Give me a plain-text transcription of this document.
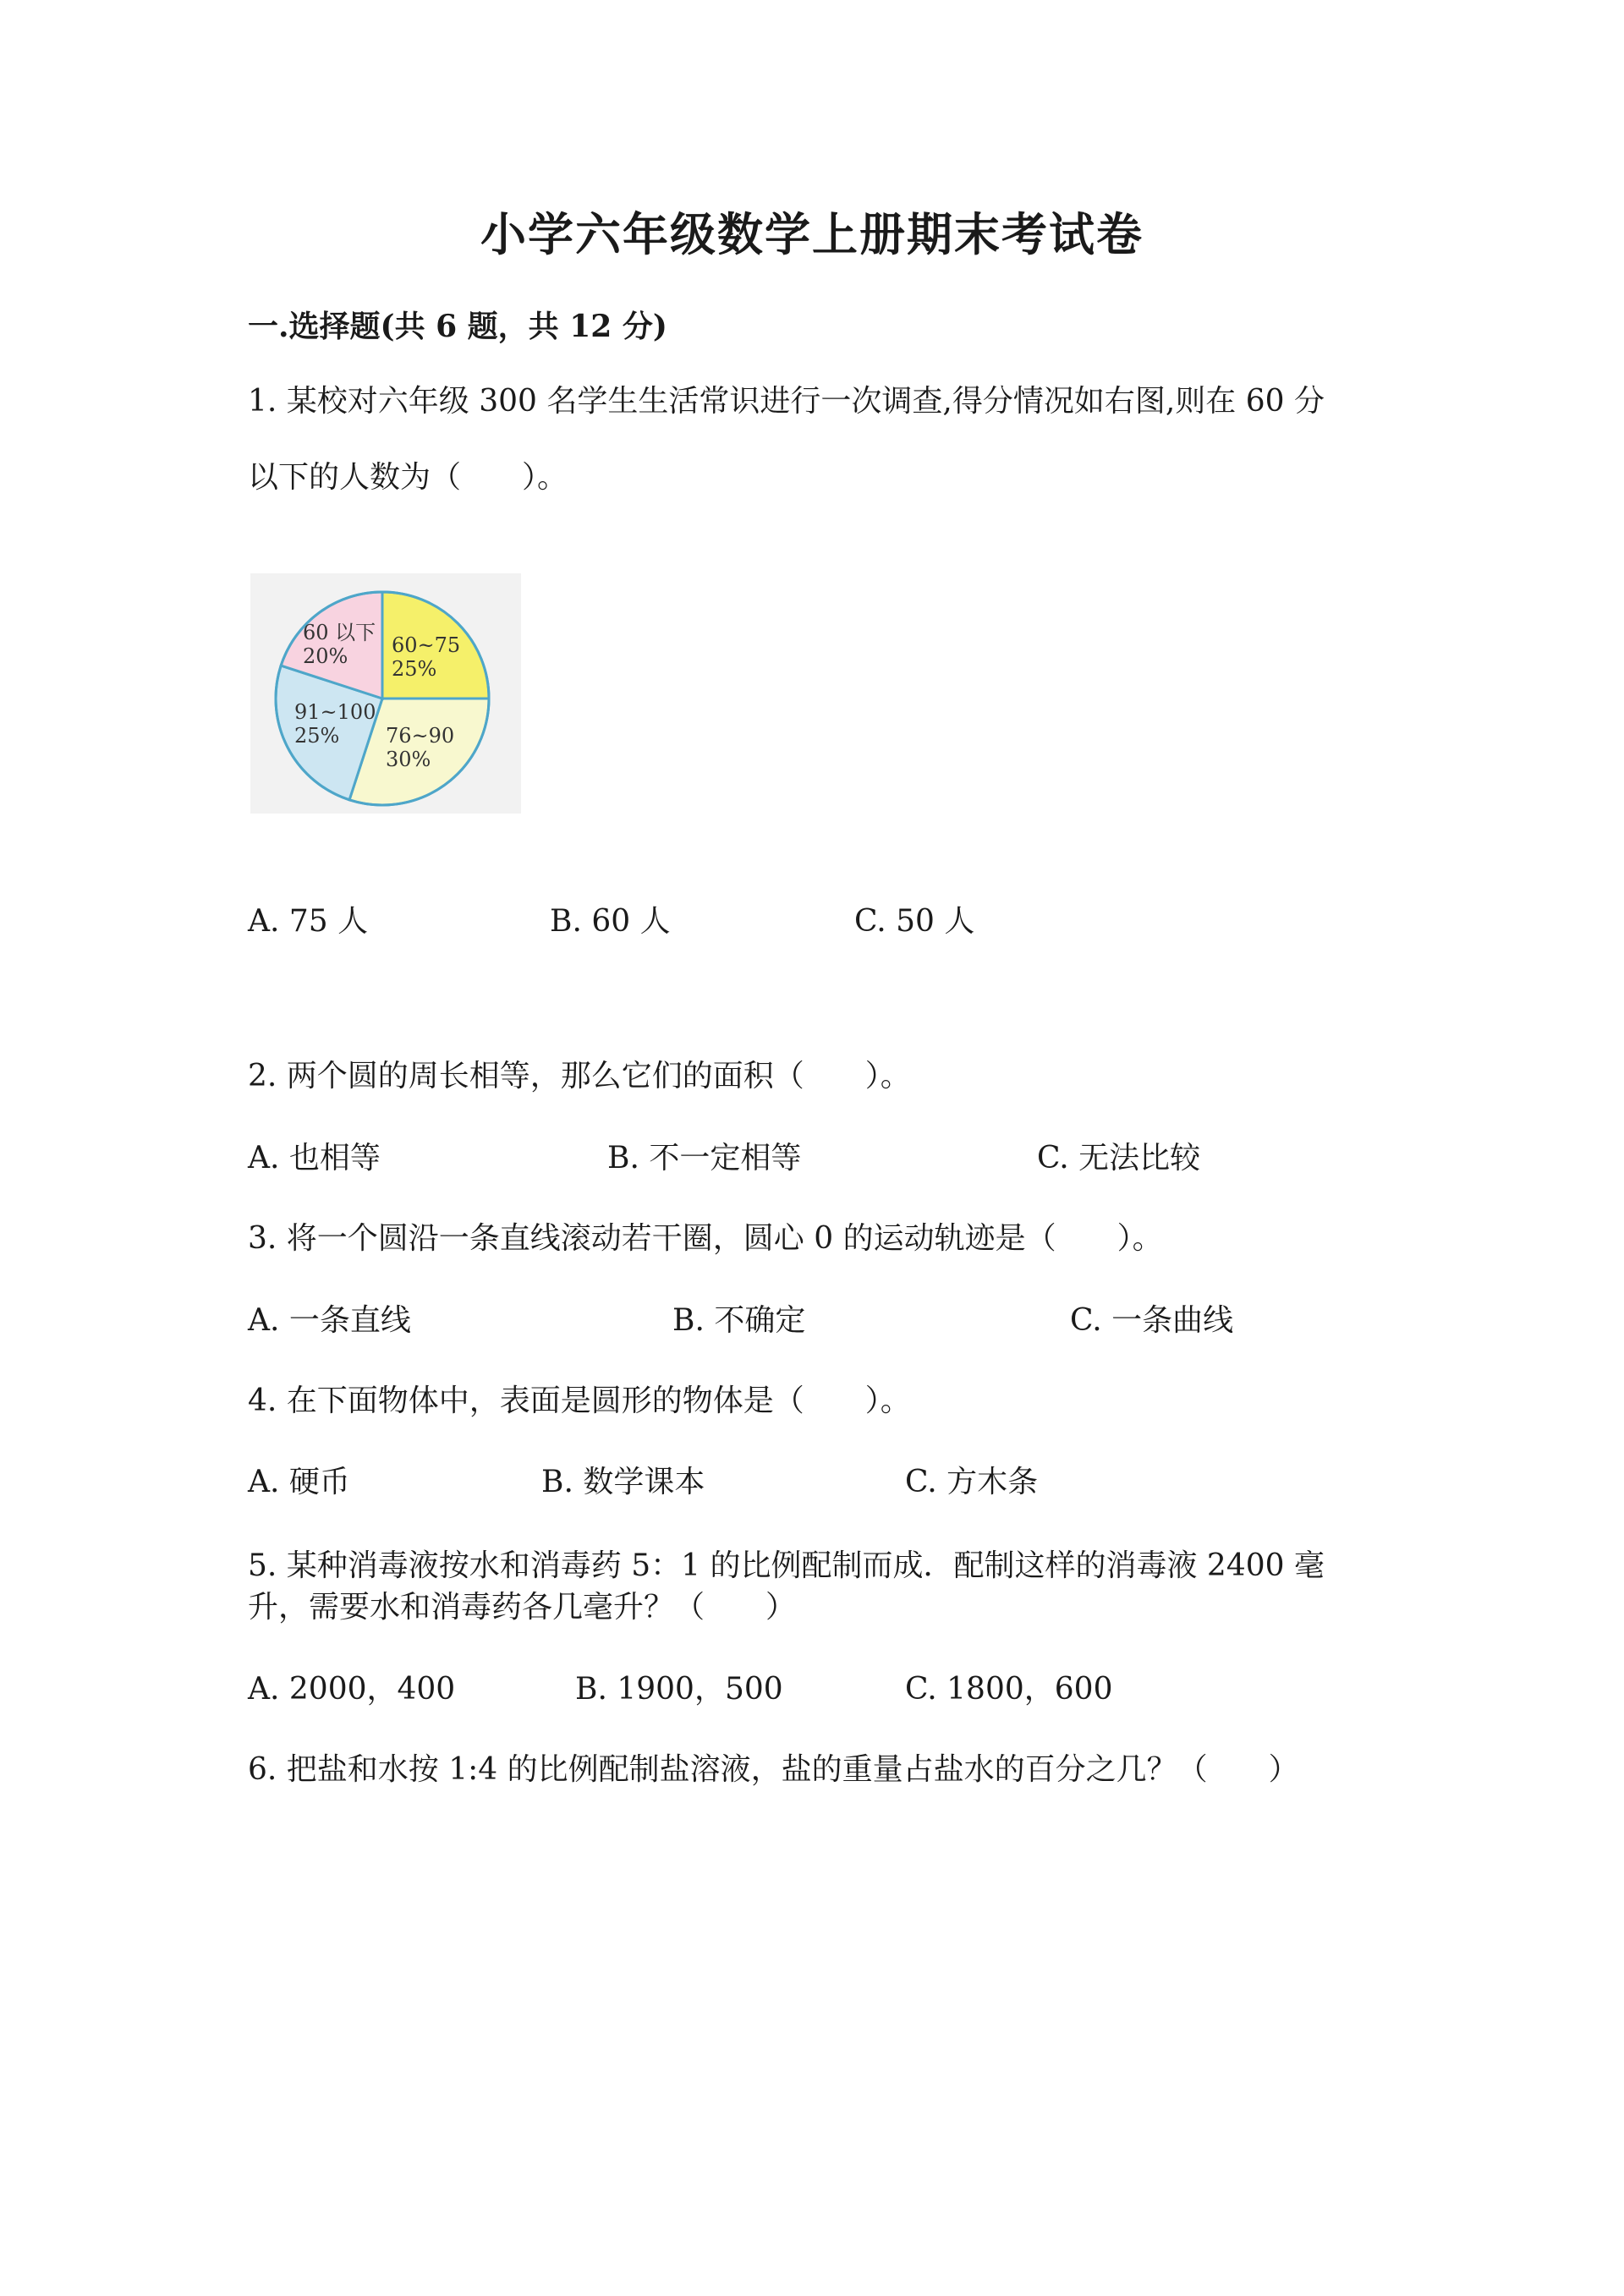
小学六年级数学上册期末考试卷
一.选择题(共 6 题，共 12 分)
1. 某校对六年级 300 名学生生活常识进行一次调查,得分情况如右图,则在 60 分
以下的人数为（　　）。
60 以下
20% 60~75
25%
76~90
30%
91~100
25%
A. 75 人	B. 60 人	C. 50 人
2. 两个圆的周长相等，那么它们的面积（　　）。
A. 也相等	B. 不一定相等	C. 无法比较
3. 将一个圆沿一条直线滚动若干圈，圆心 0 的运动轨迹是（　　）。
A. 一条直线	B. 不确定	C. 一条曲线
4. 在下面物体中，表面是圆形的物体是（　　）。
A. 硬币	B. 数学课本	C. 方木条
5. 某种消毒液按水和消毒药 5：1 的比例配制而成．配制这样的消毒液 2400 毫
升，需要水和消毒药各几毫升？（　　）
A. 2000，400	B. 1900，500	C. 1800，600
6. 把盐和水按 1:4 的比例配制盐溶液，盐的重量占盐水的百分之几？（　　）
